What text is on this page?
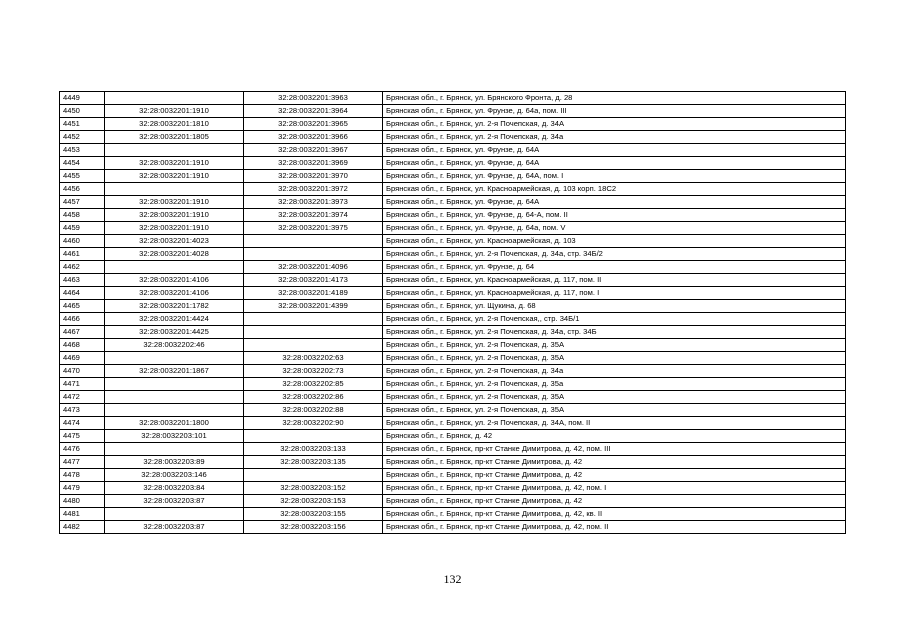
4449		32:28:0032201:3963	Брянская обл., г. Брянск, ул. Брянского Фронта, д. 28
4450	32:28:0032201:1910	32:28:0032201:3964	Брянская обл., г. Брянск, ул. Фрунзе, д. 64а, пом. III
4451	32:28:0032201:1810	32:28:0032201:3965	Брянская обл., г. Брянск, ул. 2-я Почепская, д. 34А
4452	32:28:0032201:1805	32:28:0032201:3966	Брянская обл., г. Брянск, ул. 2-я Почепская, д. 34а
4453		32:28:0032201:3967	Брянская обл., г. Брянск, ул. Фрунзе, д. 64А
4454	32:28:0032201:1910	32:28:0032201:3969	Брянская обл., г. Брянск, ул. Фрунзе, д. 64А
4455	32:28:0032201:1910	32:28:0032201:3970	Брянская обл., г. Брянск, ул. Фрунзе, д. 64А, пом. I
4456		32:28:0032201:3972	Брянская обл., г. Брянск, ул. Красноармейская, д. 103 корп. 18С2
4457	32:28:0032201:1910	32:28:0032201:3973	Брянская обл., г. Брянск, ул. Фрунзе, д. 64А
4458	32:28:0032201:1910	32:28:0032201:3974	Брянская обл., г. Брянск, ул. Фрунзе, д. 64-А, пом. II
4459	32:28:0032201:1910	32:28:0032201:3975	Брянская обл., г. Брянск, ул. Фрунзе, д. 64а, пом. V
4460	32:28:0032201:4023		Брянская обл., г. Брянск, ул. Красноармейская, д. 103
4461	32:28:0032201:4028		Брянская обл., г. Брянск, ул. 2-я Почепская, д. 34а, стр. 34Б/2
4462		32:28:0032201:4096	Брянская обл., г. Брянск, ул. Фрунзе, д. 64
4463	32:28:0032201:4106	32:28:0032201:4173	Брянская обл., г. Брянск, ул. Красноармейская, д. 117, пом. II
4464	32:28:0032201:4106	32:28:0032201:4189	Брянская обл., г. Брянск, ул. Красноармейская, д. 117, пом. I
4465	32:28:0032201:1782	32:28:0032201:4399	Брянская обл., г. Брянск, ул. Щукина, д. 68
4466	32:28:0032201:4424		Брянская обл., г. Брянск, ул. 2-я Почепская,, стр. 34Б/1
4467	32:28:0032201:4425		Брянская обл., г. Брянск, ул. 2-я Почепская, д. 34а, стр. 34Б
4468	32:28:0032202:46		Брянская обл., г. Брянск, ул. 2-я Почепская, д. 35А
4469		32:28:0032202:63	Брянская обл., г. Брянск, ул. 2-я Почепская, д. 35А
4470	32:28:0032201:1867	32:28:0032202:73	Брянская обл., г. Брянск, ул. 2-я Почепская, д. 34а
4471		32:28:0032202:85	Брянская обл., г. Брянск, ул. 2-я Почепская, д. 35а
4472		32:28:0032202:86	Брянская обл., г. Брянск, ул. 2-я Почепская, д. 35А
4473		32:28:0032202:88	Брянская обл., г. Брянск, ул. 2-я Почепская, д. 35А
4474	32:28:0032201:1800	32:28:0032202:90	Брянская обл., г. Брянск, ул. 2-я Почепская, д. 34А, пом. II
4475	32:28:0032203:101		Брянская обл., г. Брянск, д. 42
4476		32:28:0032203:133	Брянская обл., г. Брянск, пр-кт Станке Димитрова, д. 42, пом. III
4477	32:28:0032203:89	32:28:0032203:135	Брянская обл., г. Брянск, пр-кт Станке Димитрова, д. 42
4478	32:28:0032203:146		Брянская обл., г. Брянск, пр-кт Станке Димитрова, д. 42
4479	32:28:0032203:84	32:28:0032203:152	Брянская обл., г. Брянск, пр-кт Станке Димитрова, д. 42, пом. I
4480	32:28:0032203:87	32:28:0032203:153	Брянская обл., г. Брянск, пр-кт Станке Димитрова, д. 42
4481		32:28:0032203:155	Брянская обл., г. Брянск, пр-кт Станке Димитрова, д. 42, кв. II
4482	32:28:0032203:87	32:28:0032203:156	Брянская обл., г. Брянск, пр-кт Станке Димитрова, д. 42, пом. II
132
